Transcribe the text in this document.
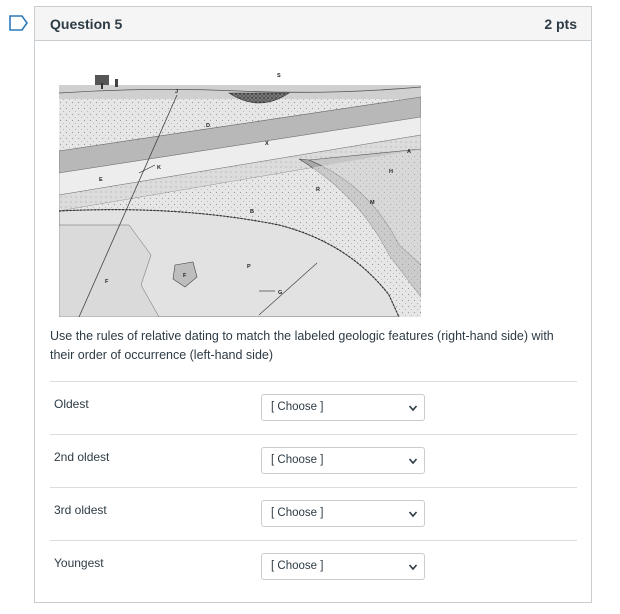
Question 5	2 pts
S
J
D
X
A
K
E
H
R
M
B
F
F
P
G
Use the rules of relative dating to match the labeled geologic features (right-hand side) with their order of occurrence (left-hand side)
Oldest	[ Choose ]
2nd oldest	[ Choose ]
3rd oldest	[ Choose ]
Youngest	[ Choose ]
